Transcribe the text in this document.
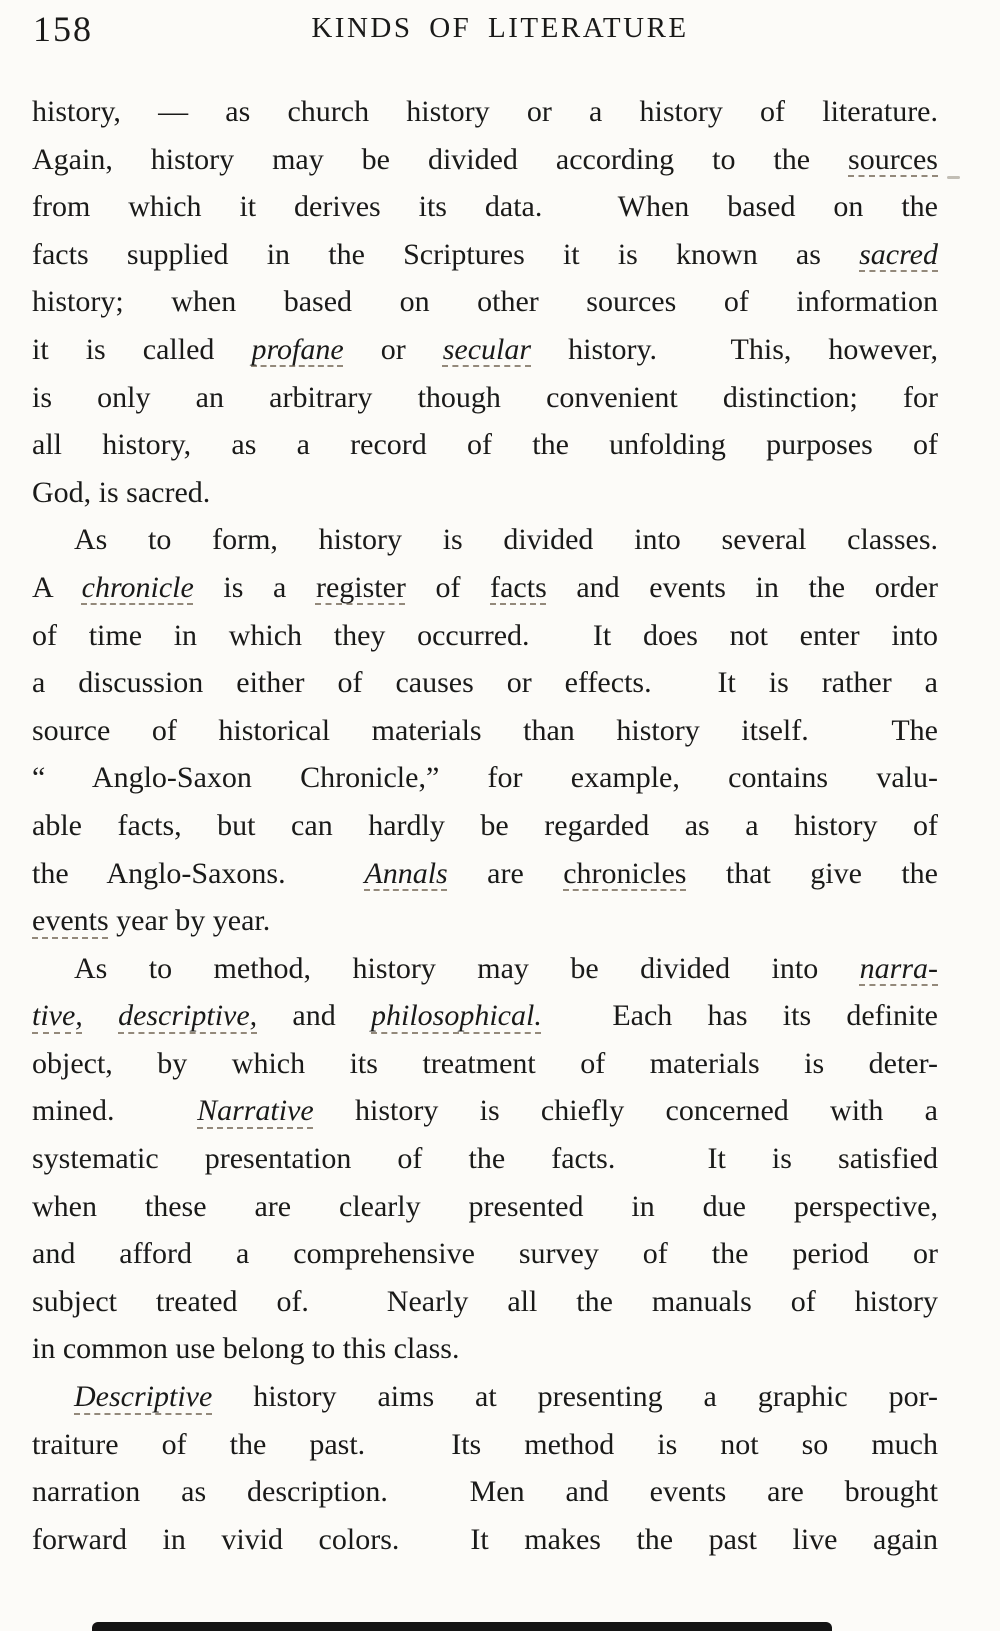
158	KINDS OF LITERATURE
history, — as church history or a history of literature.
Again, history may be divided according to the sources
from which it derives its data.  When based on the
facts supplied in the Scriptures it is known as sacred
history; when based on other sources of information
it is called profane or secular history.  This, however,
is only an arbitrary though convenient distinction; for
all history, as a record of the unfolding purposes of
God, is sacred.
As to form, history is divided into several classes.
A chronicle is a register of facts and events in the order
of time in which they occurred.  It does not enter into
a discussion either of causes or effects.  It is rather a
source of historical materials than history itself.  The
“ Anglo-Saxon Chronicle,” for example, contains valu-
able facts, but can hardly be regarded as a history of
the Anglo-Saxons.  Annals are chronicles that give the
events year by year.
As to method, history may be divided into narra-
tive, descriptive, and philosophical.  Each has its definite
object, by which its treatment of materials is deter-
mined.  Narrative history is chiefly concerned with a
systematic presentation of the facts.  It is satisfied
when these are clearly presented in due perspective,
and afford a comprehensive survey of the period or
subject treated of.  Nearly all the manuals of history
in common use belong to this class.
Descriptive history aims at presenting a graphic por-
traiture of the past.  Its method is not so much
narration as description.  Men and events are brought
forward in vivid colors.  It makes the past live again
